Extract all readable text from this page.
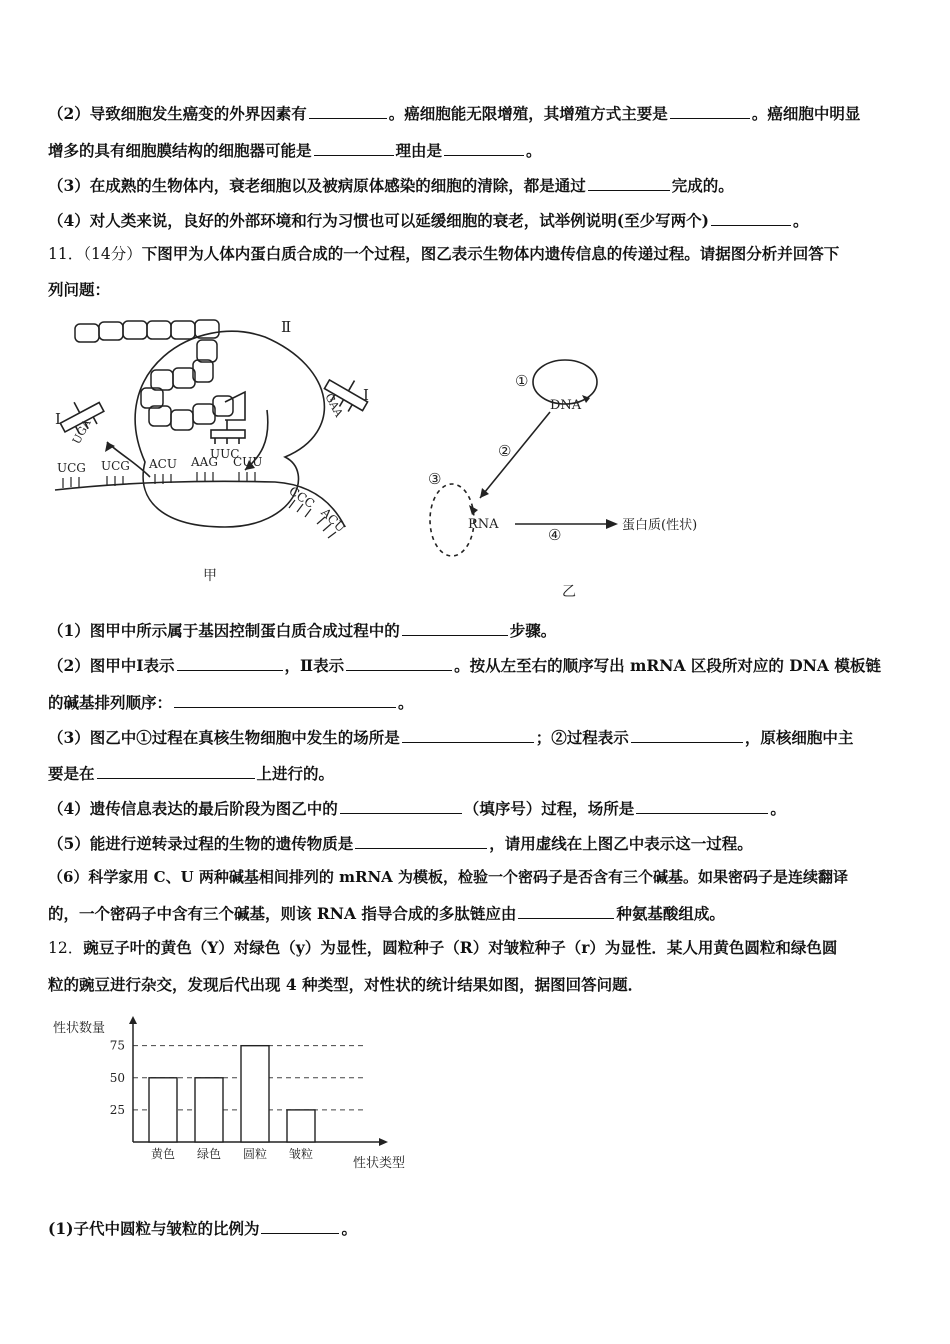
（2）导致细胞发生癌变的外界因素有	。癌细胞能无限增殖，其增殖方式主要是	。癌细胞中明显
增多的具有细胞膜结构的细胞器可能是	理由是	。
（3）在成熟的生物体内，衰老细胞以及被病原体感染的细胞的清除，都是通过	完成的。
（4）对人类来说，良好的外部环境和行为习惯也可以延缓细胞的衰老，试举例说明(至少写两个)	。
11．（14分）下图甲为人体内蛋白质合成的一个过程，图乙表示生物体内遗传信息的传递过程。请据图分析并回答下
列问题：
Ⅱ
I
I
UGA
UUC
GAA
UCG UCG ACU AAG CUU
CCC
ACU
甲
DNA
RNA	蛋白质(性状)
①
②
③
④
乙
（1）图甲中所示属于基因控制蛋白质合成过程中的	步骤。
（2）图甲中Ⅰ表示	，Ⅱ表示	。按从左至右的顺序写出 mRNA 区段所对应的 DNA 模板链
的碱基排列顺序：	。
（3）图乙中①过程在真核生物细胞中发生的场所是	；②过程表示	，原核细胞中主
要是在	上进行的。
（4）遗传信息表达的最后阶段为图乙中的	（填序号）过程，场所是	。
（5）能进行逆转录过程的生物的遗传物质是	，请用虚线在上图乙中表示这一过程。
（6）科学家用 C、U 两种碱基相间排列的 mRNA 为模板，检验一个密码子是否含有三个碱基。如果密码子是连续翻译
的，一个密码子中含有三个碱基，则该 RNA 指导合成的多肽链应由	种氨基酸组成。
12．豌豆子叶的黄色（Y）对绿色（y）为显性，圆粒种子（R）对皱粒种子（r）为显性．某人用黄色圆粒和绿色圆
粒的豌豆进行杂交，发现后代出现 4 种类型，对性状的统计结果如图，据图回答问题．
性状数量
性状类型
25
50
75
黄色 绿色 圆粒 皱粒
(1)子代中圆粒与皱粒的比例为	。
